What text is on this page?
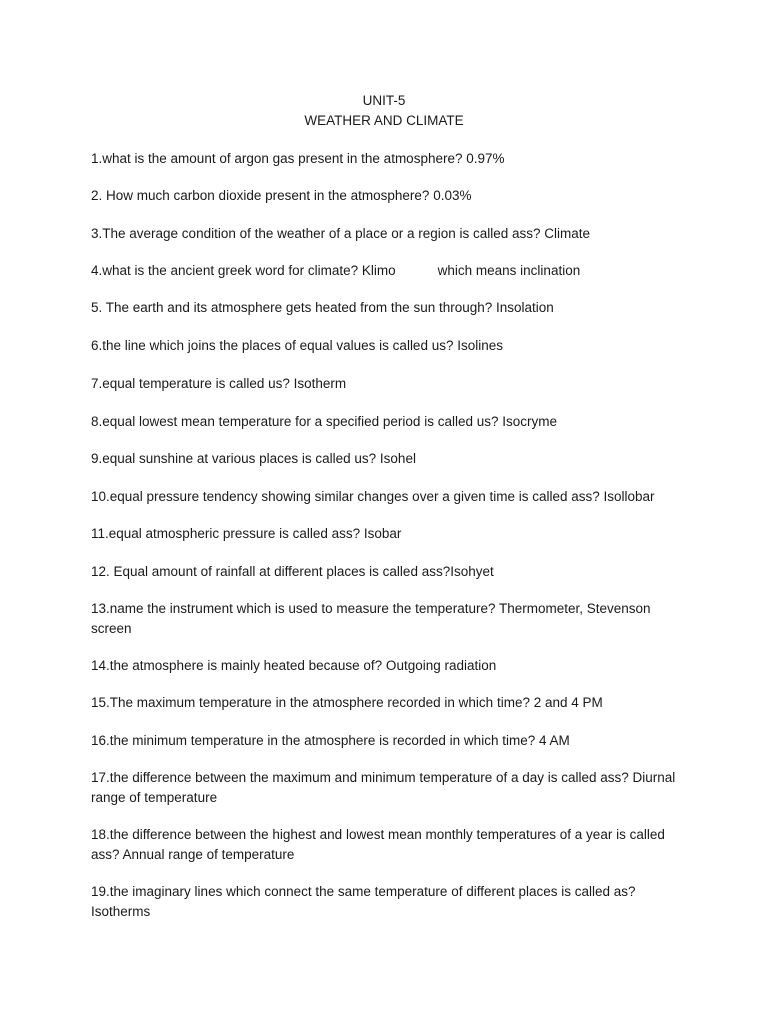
UNIT-5
WEATHER AND CLIMATE
1.what is the amount of argon gas present in the atmosphere? 0.97%
2. How much carbon dioxide present in the atmosphere? 0.03%
3.The average condition of the weather of a place or a region is called ass? Climate
4.what is the ancient greek word for climate? Klimo	which means inclination
5. The earth and its atmosphere gets heated from the sun through? Insolation
6.the line which joins the places of equal values is called us? Isolines
7.equal temperature is called us? Isotherm
8.equal lowest mean temperature for a specified period is called us? Isocryme
9.equal sunshine at various places is called us? Isohel
10.equal pressure tendency showing similar changes over a given time is called ass? Isollobar
11.equal atmospheric pressure is called ass? Isobar
12. Equal amount of rainfall at different places is called ass?Isohyet
13.name the instrument which is used to measure the temperature? Thermometer, Stevenson screen
14.the atmosphere is mainly heated because of? Outgoing radiation
15.The maximum temperature in the atmosphere recorded in which time? 2 and 4 PM
16.the minimum temperature in the atmosphere is recorded in which time? 4 AM
17.the difference between the maximum and minimum temperature of a day is called ass? Diurnal range of temperature
18.the difference between the highest and lowest mean monthly temperatures of a year is called ass? Annual range of temperature
19.the imaginary lines which connect the same temperature of different places is called as? Isotherms
